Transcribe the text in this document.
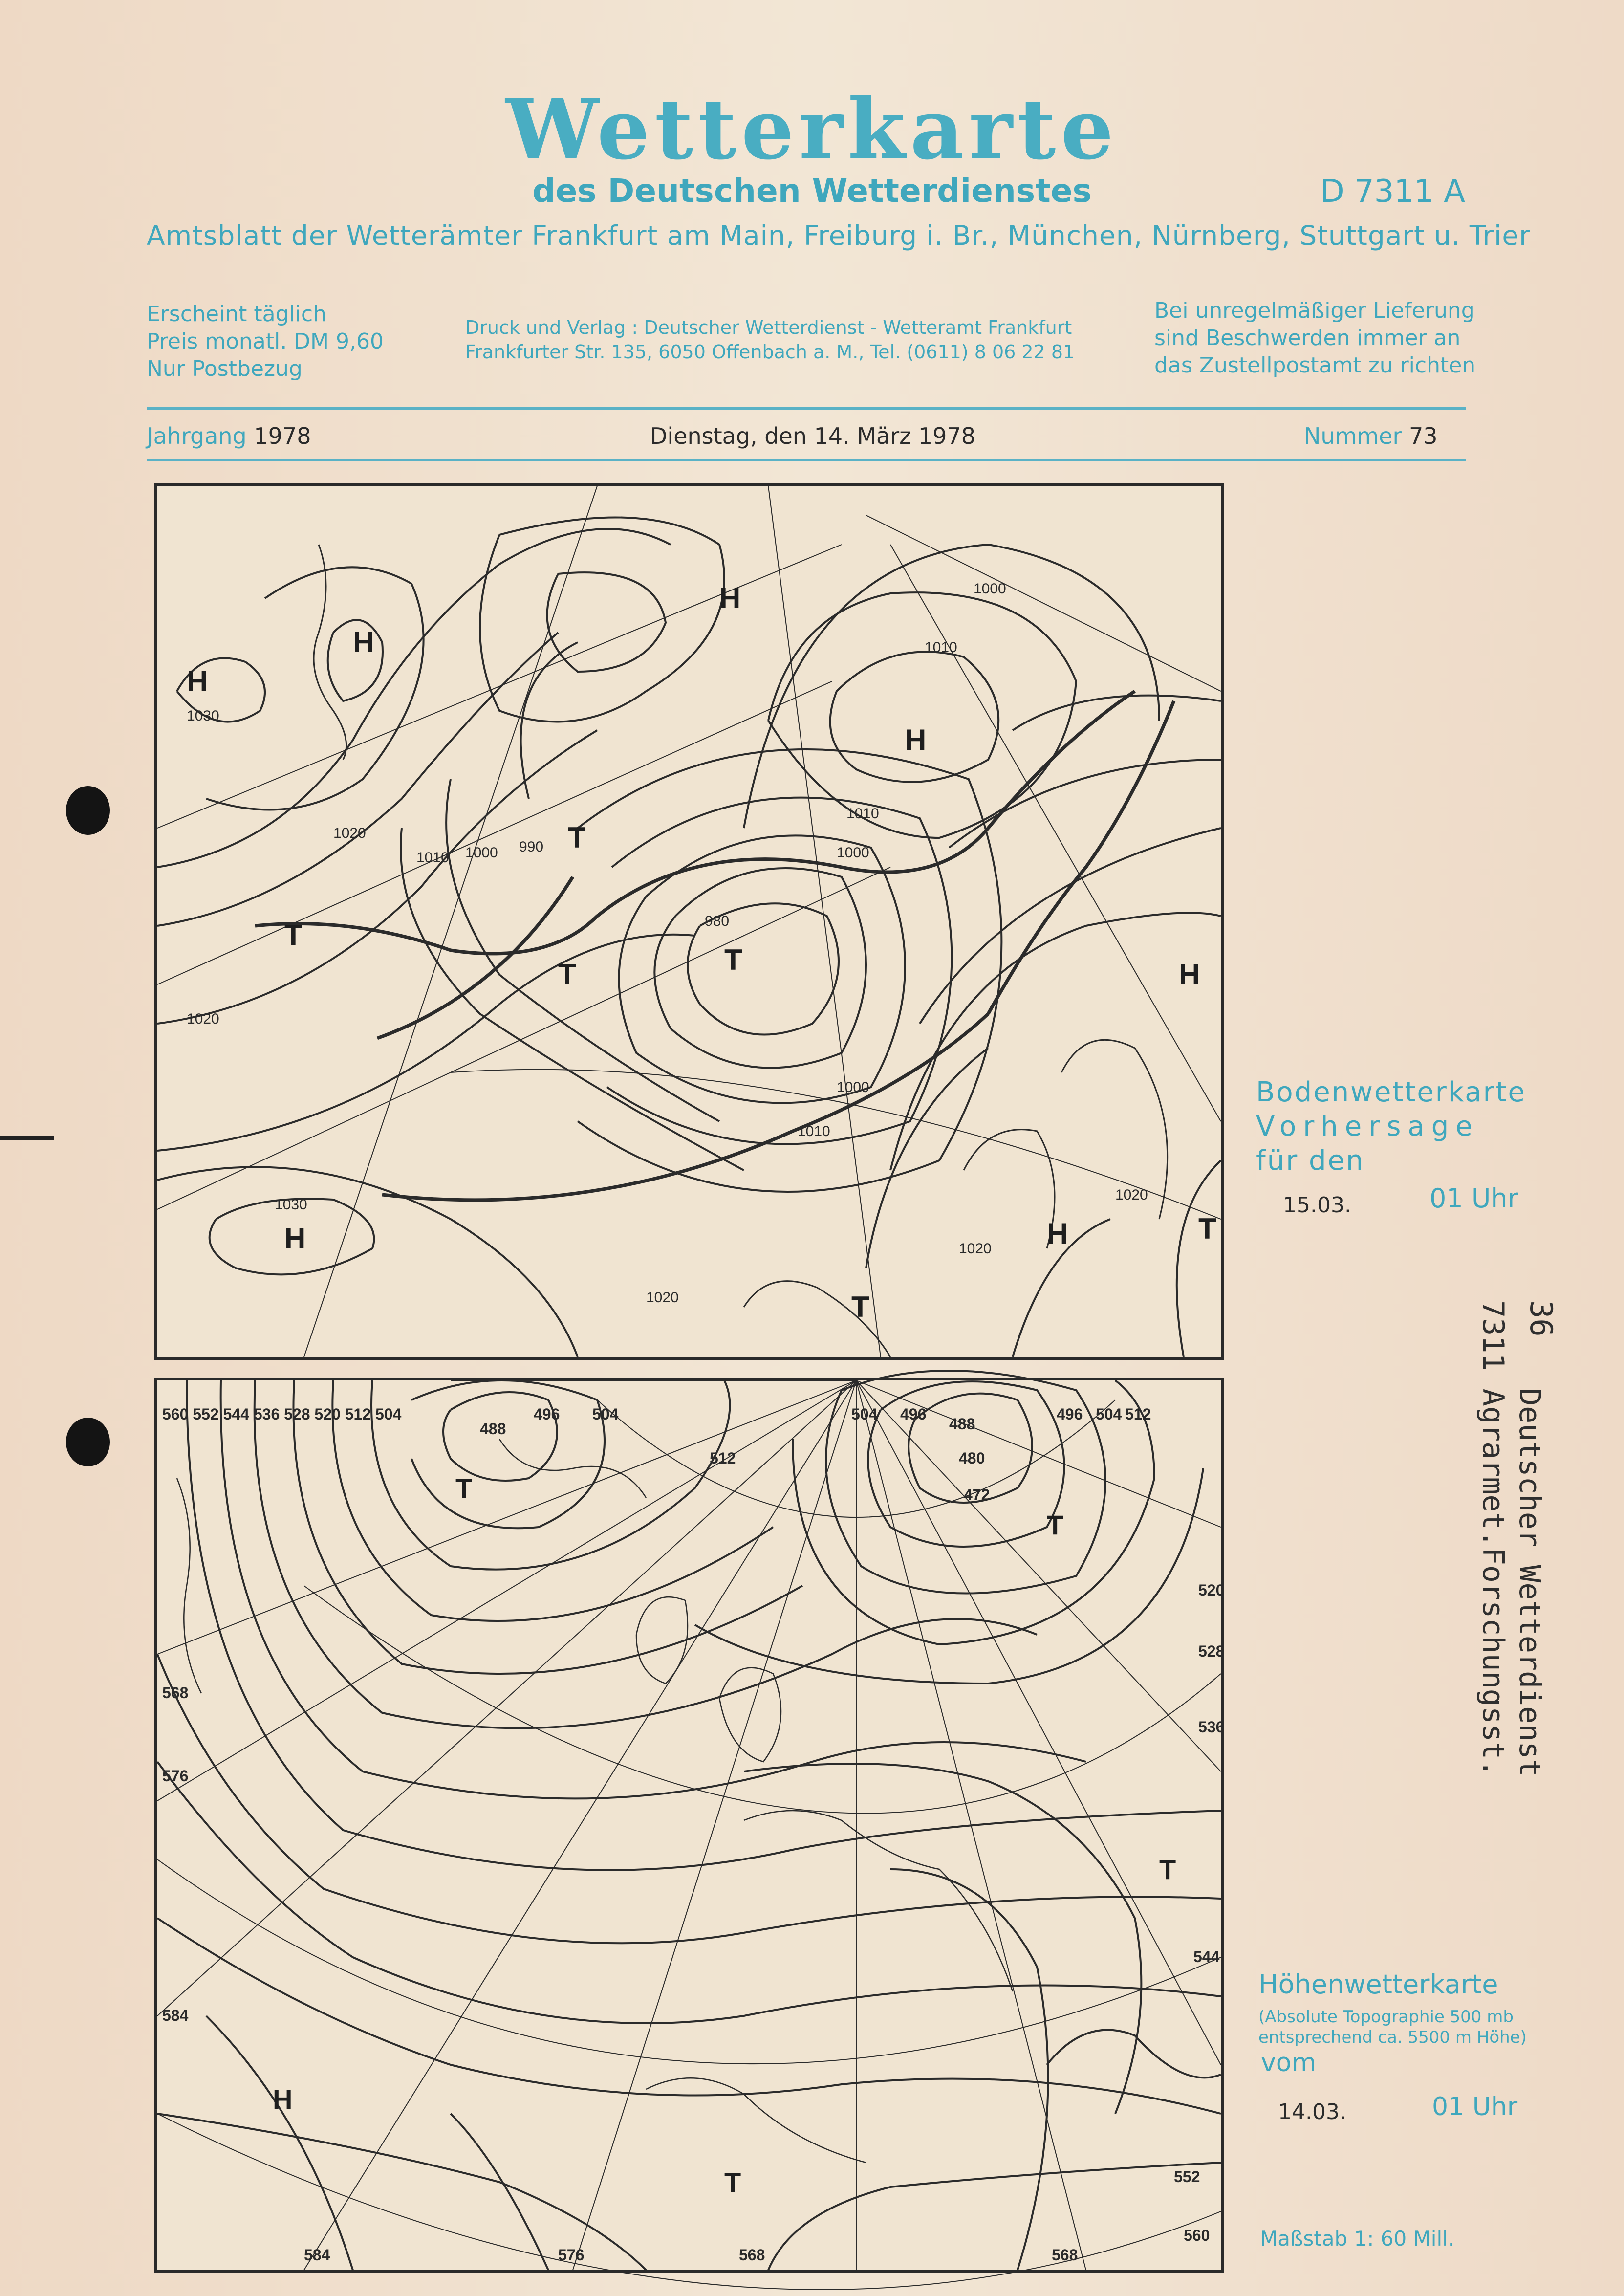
Wetterkarte
des Deutschen Wetterdienstes	D 7311 A
Amtsblatt der Wetterämter Frankfurt am Main, Freiburg i. Br., München, Nürnberg, Stuttgart u. Trier
Erscheint täglich
Preis monatl. DM 9,60
Nur Postbezug
Druck und Verlag : Deutscher Wetterdienst - Wetteramt Frankfurt
Frankfurter Str. 135, 6050 Offenbach a. M., Tel. (0611) 8 06 22 81
Bei unregelmäßiger Lieferung
sind Beschwerden immer an
das Zustellpostamt zu richten
Jahrgang 1978	Dienstag, den 14. März 1978	Nummer 73
H
H
H
H
H
H
H
T
T
T
T
T
T
980
990
1000
1010
1020
1030
1000
1010
1020
1030
1020
1020
1020
1010
1000
1010
1000
Bodenwetterkarte
Vorhersage
für den
15.03.	01 Uhr
560 552 544 536 528 520 512 504
488
496 504	504 496
488
496 504 512
480
472
512
520
528
536
544
552
560
568
576
584
584	576	568	568
T
T
T
T
H
Höhenwetterkarte
(Absolute Topographie 500 mb
entsprechend ca. 5500 m Höhe)
vom
14.03.	01 Uhr
Maßstab 1: 60 Mill.
36
7311 Agrarmet.Forschungsst. Deutscher Wetterdienst
